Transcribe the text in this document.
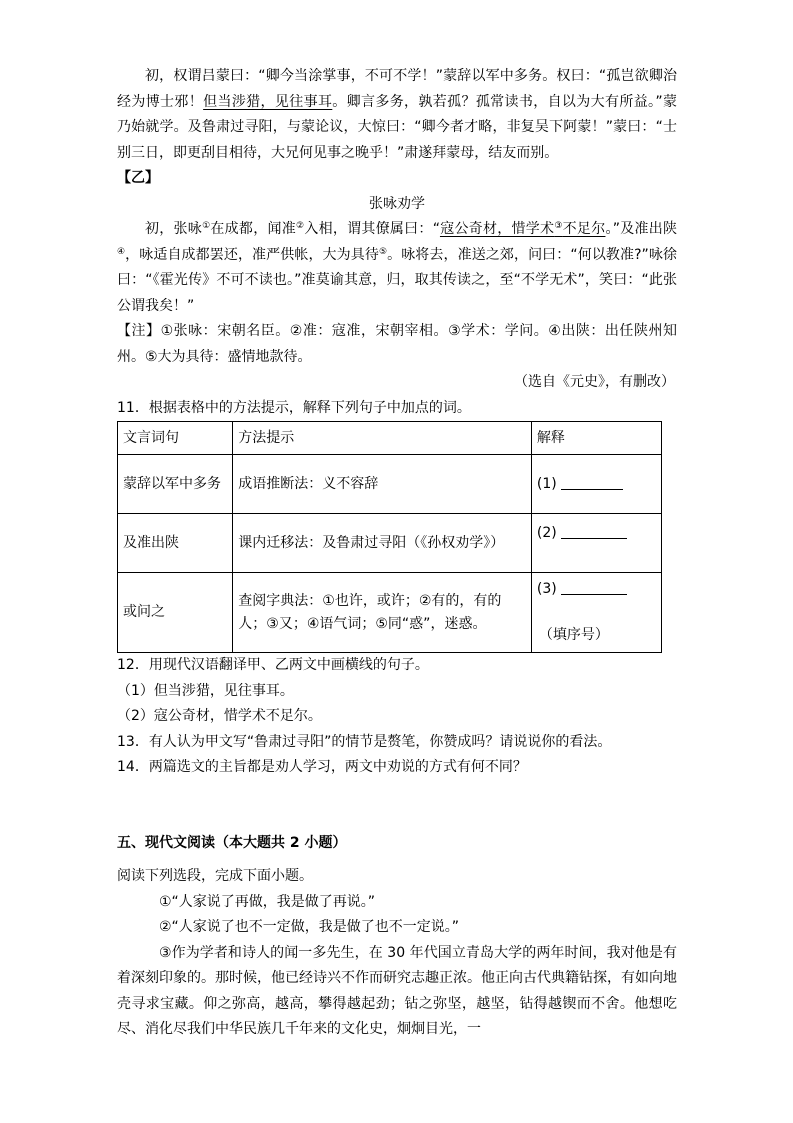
初，权谓吕蒙曰：“卿今当涂掌事，不可不学！”蒙辞以军中多务。权曰：“孤岂欲卿治经为博士邪！但当涉猎，见往事耳。卿言多务，孰若孤？孤常读书，自以为大有所益。”蒙乃始就学。及鲁肃过寻阳，与蒙论议，大惊曰：“卿今者才略，非复吴下阿蒙！”蒙曰：“士别三日，即更刮目相待，大兄何见事之晚乎！”肃遂拜蒙母，结友而别。

【乙】

张咏劝学

初，张咏①在成都，闻准②入相，谓其僚属曰：“寇公奇材，惜学术③不足尔。”及准出陕④，咏适自成都罢还，准严供帐，大为具待⑤。咏将去，准送之郊，问曰：“何以教准?”咏徐曰：“《霍光传》不可不读也。”准莫谕其意，归，取其传读之，至“不学无术”，笑曰：“此张公谓我矣！”

【注】①张咏：宋朝名臣。②准：寇准，宋朝宰相。③学术：学问。④出陕：出任陕州知州。⑤大为具待：盛情地款待。

（选自《元史》，有删改）

11．根据表格中的方法提示，解释下列句子中加点的词。

文言词句	方法提示	解释
蒙辞以军中多务	成语推断法：义不容辞	(1)
及准出陕	课内迁移法：及鲁肃过寻阳（《孙权劝学》）	(2)
或问之	查阅字典法：①也许，或许；②有的，有的人；③又；④语气词；⑤同“惑”，迷惑。	(3)

（填序号）

12．用现代汉语翻译甲、乙两文中画横线的句子。

（1）但当涉猎，见往事耳。

（2）寇公奇材，惜学术不足尔。

13．有人认为甲文写“鲁肃过寻阳”的情节是赘笔，你赞成吗？请说说你的看法。

14．两篇选文的主旨都是劝人学习，两文中劝说的方式有何不同？

五、现代文阅读（本大题共 2 小题）

阅读下列选段，完成下面小题。

①“人家说了再做，我是做了再说。”

②“人家说了也不一定做，我是做了也不一定说。”

③作为学者和诗人的闻一多先生，在 30 年代国立青岛大学的两年时间，我对他是有着深刻印象的。那时候，他已经诗兴不作而研究志趣正浓。他正向古代典籍钻探，有如向地壳寻求宝藏。仰之弥高，越高，攀得越起劲；钻之弥坚，越坚，钻得越锲而不舍。他想吃尽、消化尽我们中华民族几千年来的文化史，炯炯目光，一
